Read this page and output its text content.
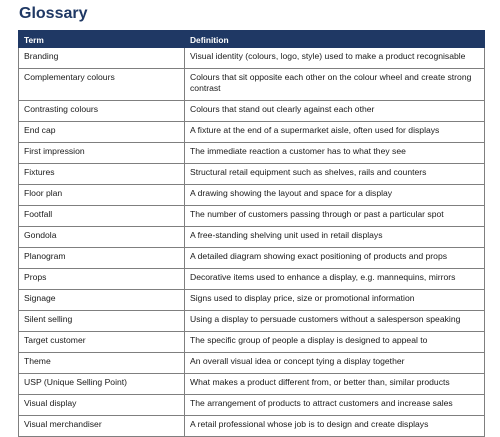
Glossary
Term	Definition
Branding	Visual identity (colours, logo, style) used to make a product recognisable
Complementary colours	Colours that sit opposite each other on the colour wheel and create strong contrast
Contrasting colours	Colours that stand out clearly against each other
End cap	A fixture at the end of a supermarket aisle, often used for displays
First impression	The immediate reaction a customer has to what they see
Fixtures	Structural retail equipment such as shelves, rails and counters
Floor plan	A drawing showing the layout and space for a display
Footfall	The number of customers passing through or past a particular spot
Gondola	A free-standing shelving unit used in retail displays
Planogram	A detailed diagram showing exact positioning of products and props
Props	Decorative items used to enhance a display, e.g. mannequins, mirrors
Signage	Signs used to display price, size or promotional information
Silent selling	Using a display to persuade customers without a salesperson speaking
Target customer	The specific group of people a display is designed to appeal to
Theme	An overall visual idea or concept tying a display together
USP (Unique Selling Point)	What makes a product different from, or better than, similar products
Visual display	The arrangement of products to attract customers and increase sales
Visual merchandiser	A retail professional whose job is to design and create displays
